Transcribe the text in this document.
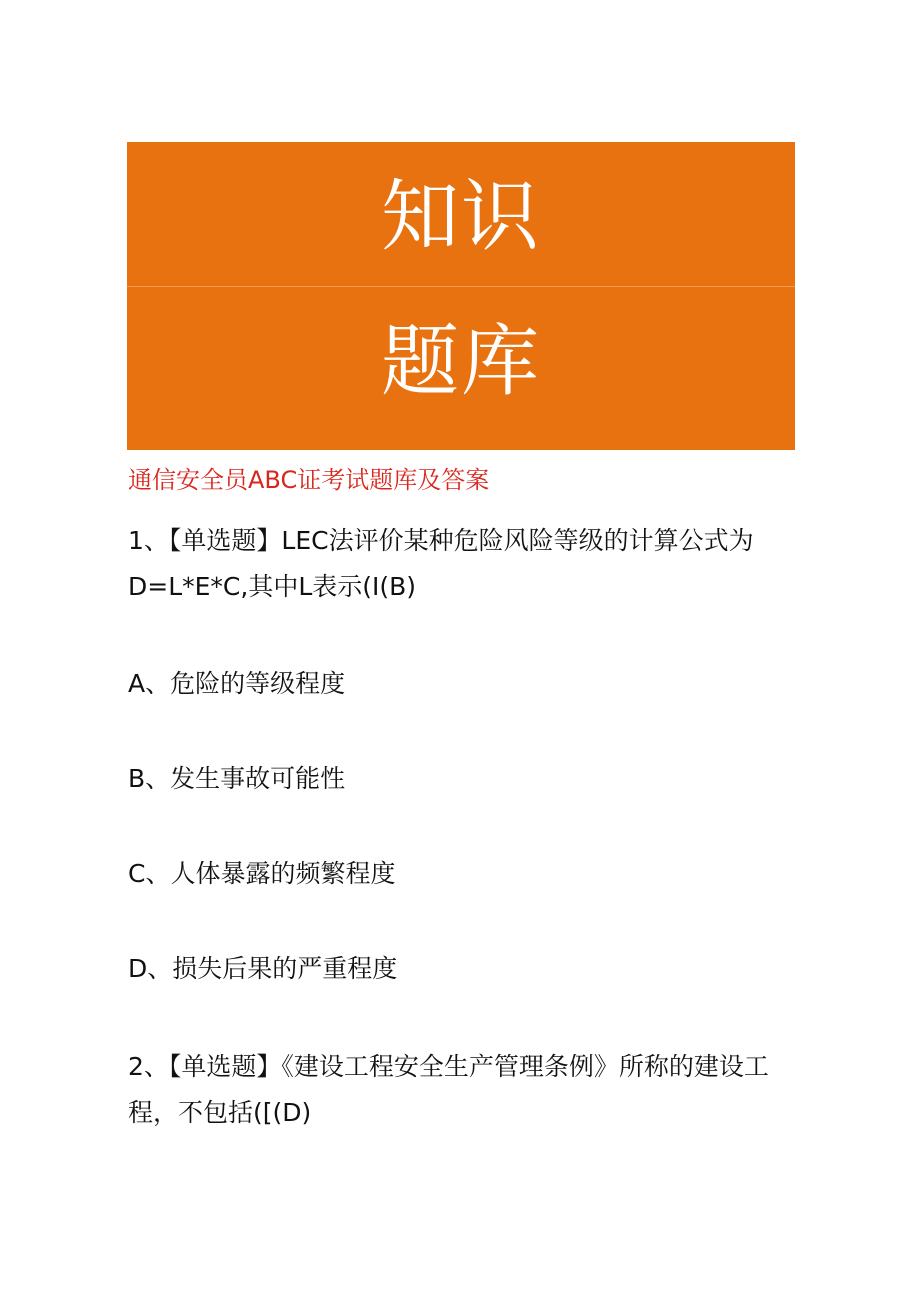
知识
题库
通信安全员ABC证考试题库及答案
1、【单选题】LEC法评价某种危险风险等级的计算公式为
D=L*E*C,其中L表示(I(B)
A、危险的等级程度
B、发生事故可能性
C、人体暴露的频繁程度
D、损失后果的严重程度
2、【单选题】《建设工程安全生产管理条例》所称的建设工
程，不包括([(D)
